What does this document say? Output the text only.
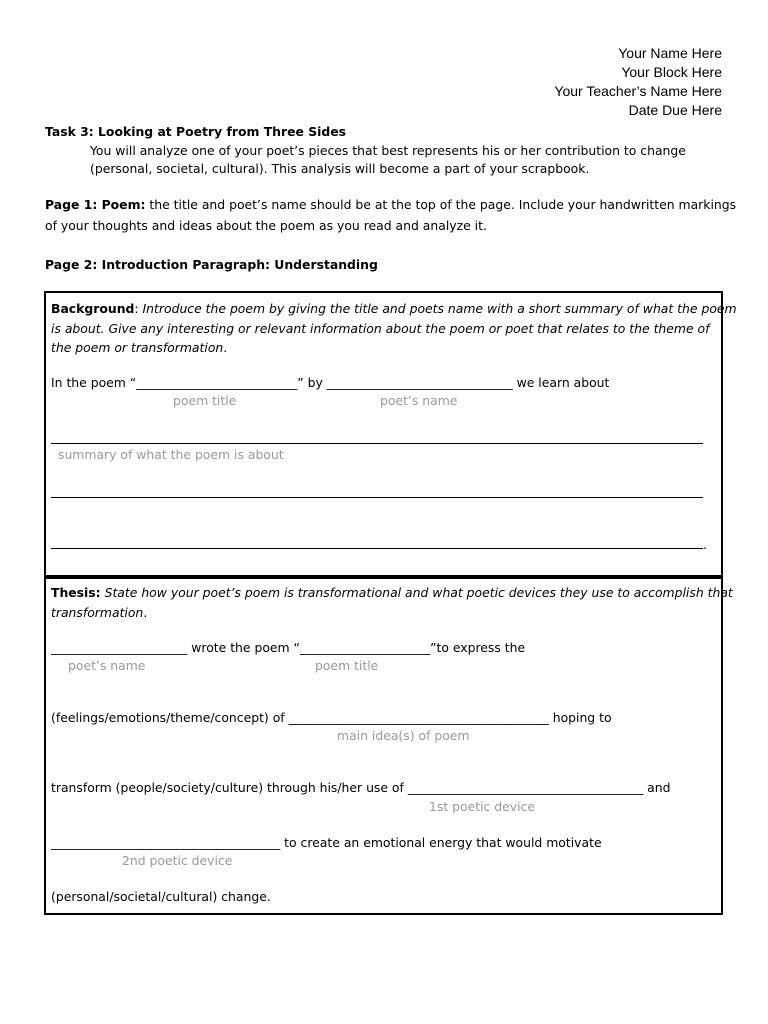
Your Name Here
Your Block Here
Your Teacher’s Name Here
Date Due Here
Task 3: Looking at Poetry from Three Sides
You will analyze one of your poet’s pieces that best represents his or her contribution to change
(personal, societal, cultural). This analysis will become a part of your scrapbook.
Page 1: Poem: the title and poet’s name should be at the top of the page. Include your handwritten markings
of your thoughts and ideas about the poem as you read and analyze it.
Page 2: Introduction Paragraph: Understanding
Background: Introduce the poem by giving the title and poets name with a short summary of what the poem
is about. Give any interesting or relevant information about the poem or poet that relates to the theme of
the poem or transformation.
In the poem “__________________________” by ______________________________ we learn about
poem title	poet’s name
summary of what the poem is about
.
Thesis: State how your poet’s poem is transformational and what poetic devices they use to accomplish that
transformation.
______________________ wrote the poem “_____________________”to express the
poet’s name	poem title
(feelings/emotions/theme/concept) of __________________________________________ hoping to
main idea(s) of poem
transform (people/society/culture) through his/her use of ______________________________________ and
1st poetic device
_____________________________________ to create an emotional energy that would motivate
2nd poetic device
(personal/societal/cultural) change.
